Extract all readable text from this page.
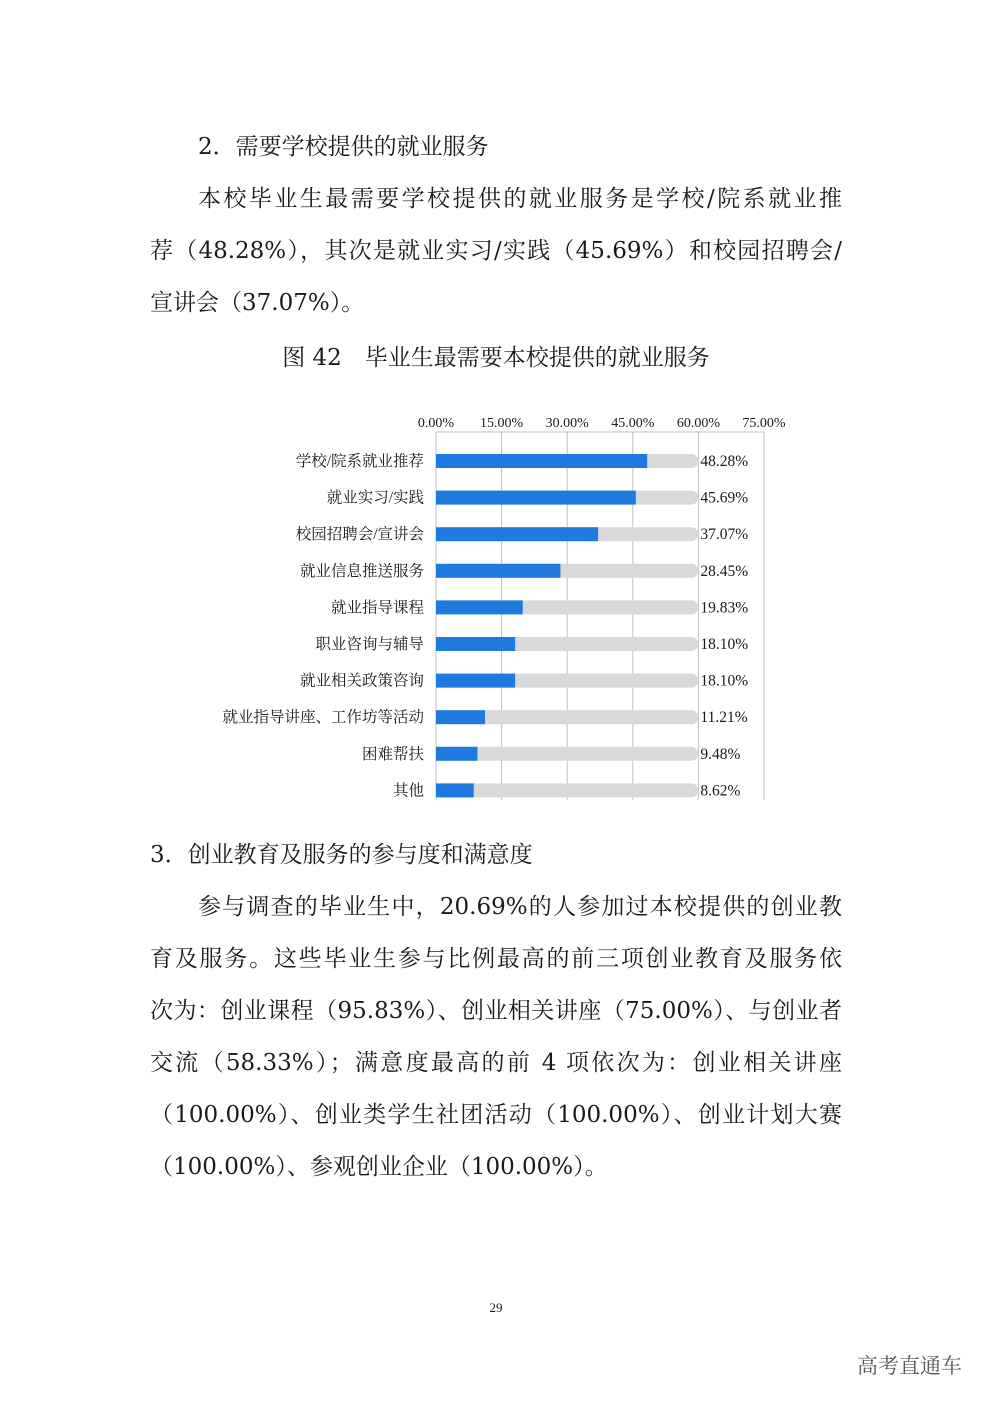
2．需要学校提供的就业服务
本校毕业生最需要学校提供的就业服务是学校/院系就业推
荐（48.28%），其次是就业实习/实践（45.69%）和校园招聘会/
宣讲会（37.07%）。
图 42　毕业生最需要本校提供的就业服务
0.00% 15.00% 30.00% 45.00% 60.00% 75.00%
学校/院系就业推荐	48.28%
就业实习/实践	45.69%
校园招聘会/宣讲会	37.07%
就业信息推送服务	28.45%
就业指导课程	19.83%
职业咨询与辅导	18.10%
就业相关政策咨询	18.10%
就业指导讲座、工作坊等活动	11.21%
困难帮扶	9.48%
其他	8.62%
3．创业教育及服务的参与度和满意度
参与调查的毕业生中，20.69%的人参加过本校提供的创业教
育及服务。这些毕业生参与比例最高的前三项创业教育及服务依
次为：创业课程（95.83%）、创业相关讲座（75.00%）、与创业者
交流（58.33%）；满意度最高的前 4 项依次为：创业相关讲座
（100.00%）、创业类学生社团活动（100.00%）、创业计划大赛
（100.00%）、参观创业企业（100.00%）。
29
高考直通车
